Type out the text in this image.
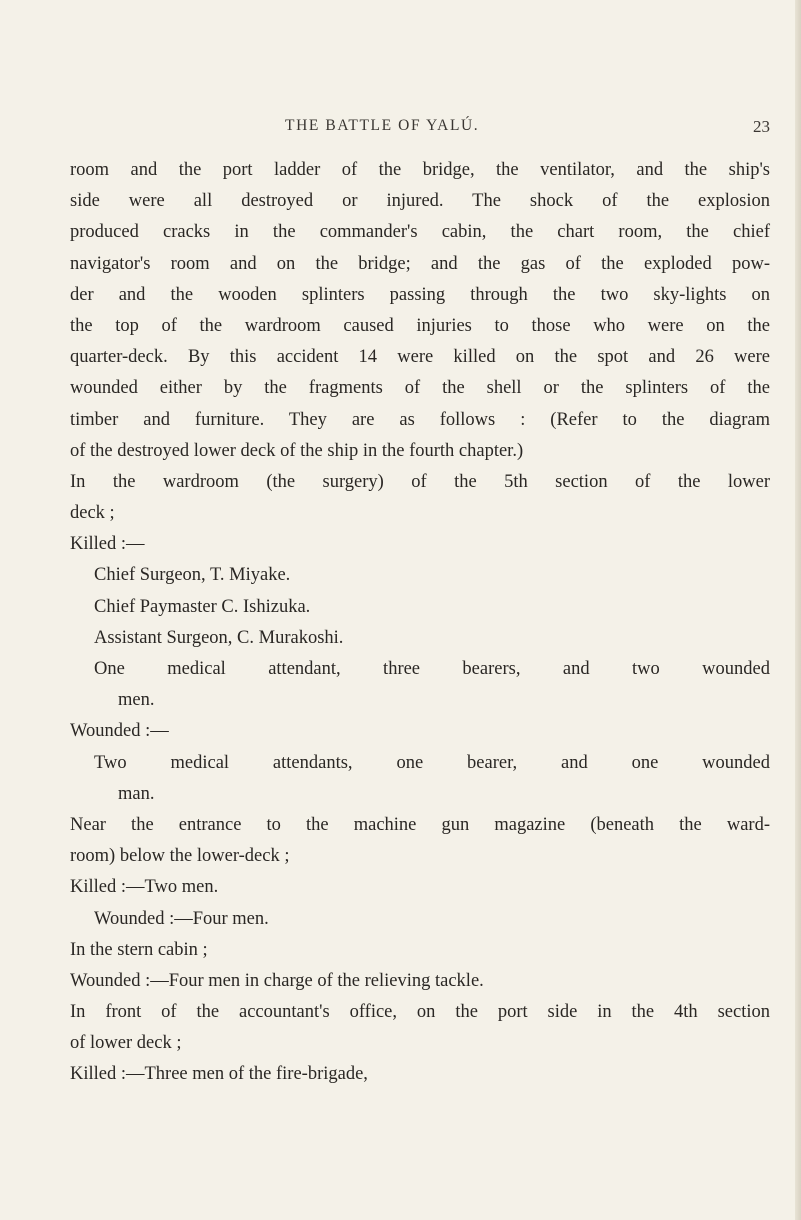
THE BATTLE OF YALÚ.	23
room and the port ladder of the bridge, the ventilator, and the ship's
side were all destroyed or injured. The shock of the explosion
produced cracks in the commander's cabin, the chart room, the chief
navigator's room and on the bridge; and the gas of the exploded pow-
der and the wooden splinters passing through the two sky-lights on
the top of the wardroom caused injuries to those who were on the
quarter-deck. By this accident 14 were killed on the spot and 26 were
wounded either by the fragments of the shell or the splinters of the
timber and furniture. They are as follows : (Refer to the diagram
of the destroyed lower deck of the ship in the fourth chapter.)
In the wardroom (the surgery) of the 5th section of the lower
deck ;
Killed :—
Chief Surgeon, T. Miyake.
Chief Paymaster C. Ishizuka.
Assistant Surgeon, C. Murakoshi.
One medical attendant, three bearers, and two wounded
men.
Wounded :—
Two medical attendants, one bearer, and one wounded
man.
Near the entrance to the machine gun magazine (beneath the ward-
room) below the lower-deck ;
Killed :—Two men.
Wounded :—Four men.
In the stern cabin ;
Wounded :—Four men in charge of the relieving tackle.
In front of the accountant's office, on the port side in the 4th section
of lower deck ;
Killed :—Three men of the fire-brigade,
